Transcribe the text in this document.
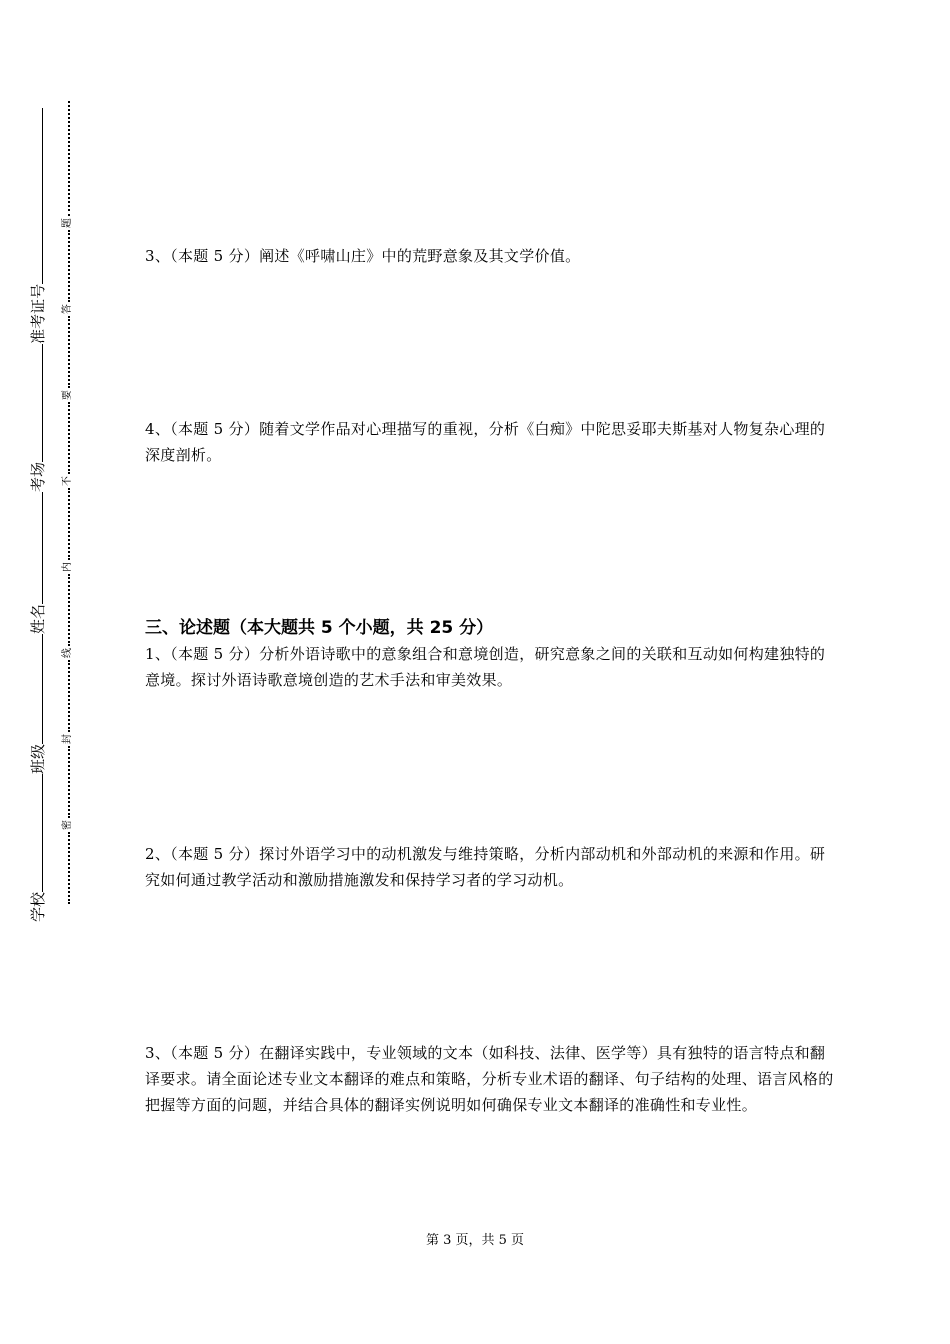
学校
班级
姓名
考场
准考证号
密
封
线
内
不
要
答
题
3、（本题 5 分）阐述《呼啸山庄》中的荒野意象及其文学价值。
4、（本题 5 分）随着文学作品对心理描写的重视，分析《白痴》中陀思妥耶夫斯基对人物复杂心理的深度剖析。
三、论述题（本大题共 5 个小题，共 25 分）
1、（本题 5 分）分析外语诗歌中的意象组合和意境创造，研究意象之间的关联和互动如何构建独特的意境。探讨外语诗歌意境创造的艺术手法和审美效果。
2、（本题 5 分）探讨外语学习中的动机激发与维持策略，分析内部动机和外部动机的来源和作用。研究如何通过教学活动和激励措施激发和保持学习者的学习动机。
3、（本题 5 分）在翻译实践中，专业领域的文本（如科技、法律、医学等）具有独特的语言特点和翻译要求。请全面论述专业文本翻译的难点和策略，分析专业术语的翻译、句子结构的处理、语言风格的把握等方面的问题，并结合具体的翻译实例说明如何确保专业文本翻译的准确性和专业性。
第 3 页，共 5 页
